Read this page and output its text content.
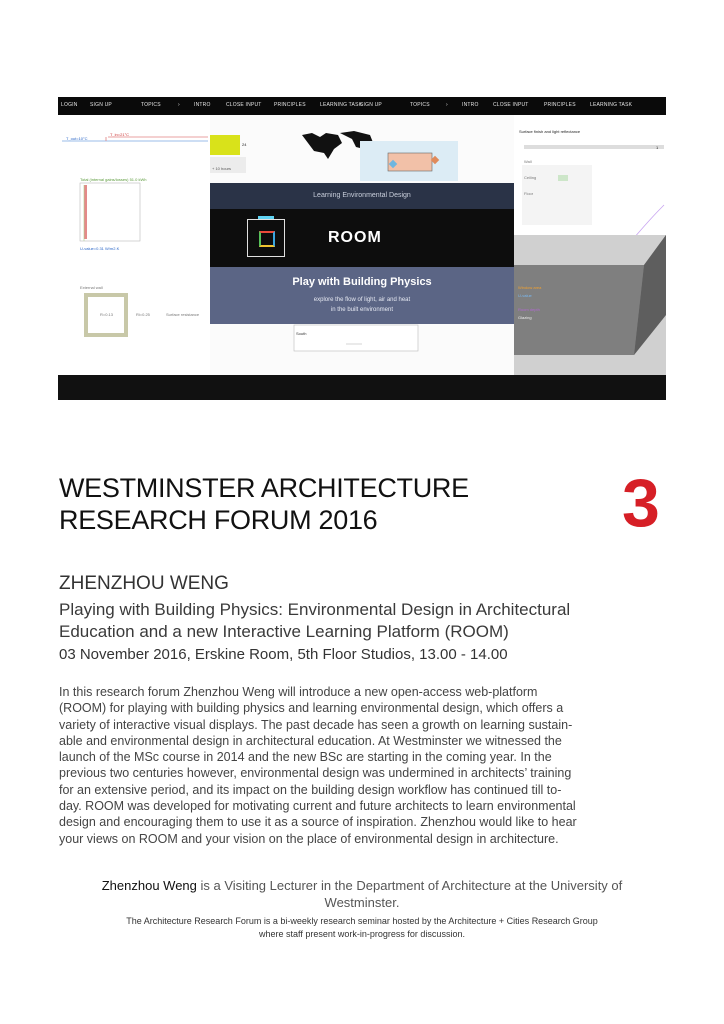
LOGIN SIGN UP	TOPICS	›	INTRO	CLOSE INPUT PRINCIPLES	LEARNING TASK
SIGN UP	TOPICS	›	INTRO	CLOSE INPUT	PRINCIPLES	LEARNING TASK
T_out=10°C
T_in=21°C
Total (internal gains/losses) 51.0 kWh
U-value=0.31 W/m2.K
External wall
R=0.13	Ri=0.25	Surface resistance
24
+ 10 hours
South
Surface finish and light reflectance
1
Wall
Ceiling
Floor
Window area
U-value
Room depth
Glazing
Learning Environmental Design
ROOM
Play with Building Physics
explore the flow of light, air and heat
in the built environment
WESTMINSTER ARCHITECTURE
RESEARCH FORUM 2016	3
ZHENZHOU WENG
Playing with Building Physics: Environmental Design in Architectural
Education and a new Interactive Learning Platform (ROOM)
03 November 2016, Erskine Room, 5th Floor Studios, 13.00 - 14.00
In this research forum Zhenzhou Weng will introduce a new open-access web-platform
(ROOM) for playing with building physics and learning environmental design, which offers a
variety of interactive visual displays. The past decade has seen a growth on learning sustain-
able and environmental design in architectural education. At Westminster we witnessed the
launch of the MSc course in 2014 and the new BSc are starting in the coming year. In the
previous two centuries however, environmental design was undermined in architects’ training
for an extensive period, and its impact on the building design workflow has continued till to-
day. ROOM was developed for motivating current and future architects to learn environmental
design and encouraging them to use it as a source of inspiration. Zhenzhou would like to hear
your views on ROOM and your vision on the place of environmental design in architecture.
Zhenzhou Weng is a Visiting Lecturer in the Department of Architecture at the University of
Westminster.
The Architecture Research Forum is a bi-weekly research seminar hosted by the Architecture + Cities Research Group
where staff present work-in-progress for discussion.
